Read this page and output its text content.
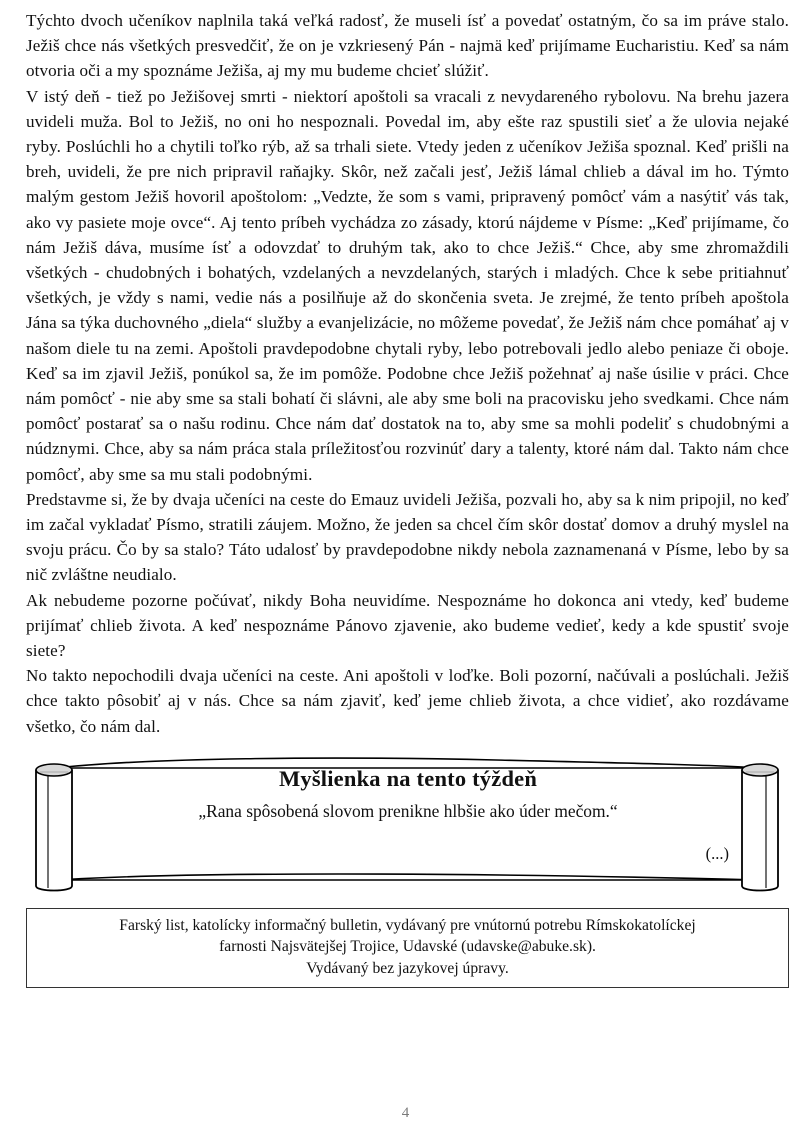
Týchto dvoch učeníkov naplnila taká veľká radosť, že museli ísť a povedať ostatným, čo sa im práve stalo. Ježiš chce nás všetkých presvedčiť, že on je vzkriesený Pán - najmä keď prijímame Eucharistiu. Keď sa nám otvoria oči a my spoznáme Ježiša, aj my mu budeme chcieť slúžiť.

V istý deň - tiež po Ježišovej smrti - niektorí apoštoli sa vracali z nevydareného rybolovu. Na brehu jazera uvideli muža. Bol to Ježiš, no oni ho nespoznali. Povedal im, aby ešte raz spustili sieť a že ulovia nejaké ryby. Poslúchli ho a chytili toľko rýb, až sa trhali siete. Vtedy jeden z učeníkov Ježiša spoznal. Keď prišli na breh, uvideli, že pre nich pripravil raňajky. Skôr, než začali jesť, Ježiš lámal chlieb a dával im ho. Týmto malým gestom Ježiš hovoril apoštolom: „Vedzte, že som s vami, pripravený pomôcť vám a nasýtiť vás tak, ako vy pasiete moje ovce“. Aj tento príbeh vychádza zo zásady, ktorú nájdeme v Písme: „Keď prijímame, čo nám Ježiš dáva, musíme ísť a odovzdať to druhým tak, ako to chce Ježiš.“ Chce, aby sme zhromaždili všetkých - chudobných i bohatých, vzdelaných a nevzdelaných, starých i mladých. Chce k sebe pritiahnuť všetkých, je vždy s nami, vedie nás a posilňuje až do skončenia sveta. Je zrejmé, že tento príbeh apoštola Jána sa týka duchovného „diela“ služby a evanjelizácie, no môžeme povedať, že Ježiš nám chce pomáhať aj v našom diele tu na zemi. Apoštoli pravdepodobne chytali ryby, lebo potrebovali jedlo alebo peniaze či oboje. Keď sa im zjavil Ježiš, ponúkol sa, že im pomôže. Podobne chce Ježiš požehnať aj naše úsilie v práci. Chce nám pomôcť - nie aby sme sa stali bohatí či slávni, ale aby sme boli na pracovisku jeho svedkami. Chce nám pomôcť postarať sa o našu rodinu. Chce nám dať dostatok na to, aby sme sa mohli podeliť s chudobnými a núdznymi. Chce, aby sa nám práca stala príležitosťou rozvinúť dary a talenty, ktoré nám dal. Takto nám chce pomôcť, aby sme sa mu stali podobnými.

Predstavme si, že by dvaja učeníci na ceste do Emauz uvideli Ježiša, pozvali ho, aby sa k nim pripojil, no keď im začal vykladať Písmo, stratili záujem. Možno, že jeden sa chcel čím skôr dostať domov a druhý myslel na svoju prácu. Čo by sa stalo? Táto udalosť by pravdepodobne nikdy nebola zaznamenaná v Písme, lebo by sa nič zvláštne neudialo.

Ak nebudeme pozorne počúvať, nikdy Boha neuvidíme. Nespoznáme ho dokonca ani vtedy, keď budeme prijímať chlieb života. A keď nespoznáme Pánovo zjavenie, ako budeme vedieť, kedy a kde spustiť svoje siete?

No takto nepochodili dvaja učeníci na ceste. Ani apoštoli v loďke. Boli pozorní, načúvali a poslúchali. Ježiš chce takto pôsobiť aj v nás. Chce sa nám zjaviť, keď jeme chlieb života, a chce vidieť, ako rozdávame všetko, čo nám dal.

Myšlienka na tento týždeň

„Rana spôsobená slovom prenikne hlbšie ako úder mečom.“

(...)

Farský list, katolícky informačný bulletin, vydávaný pre vnútornú potrebu Rímskokatolíckej

farnosti Najsvätejšej Trojice, Udavské (udavske@abuke.sk).

Vydávaný bez jazykovej úpravy.

4
